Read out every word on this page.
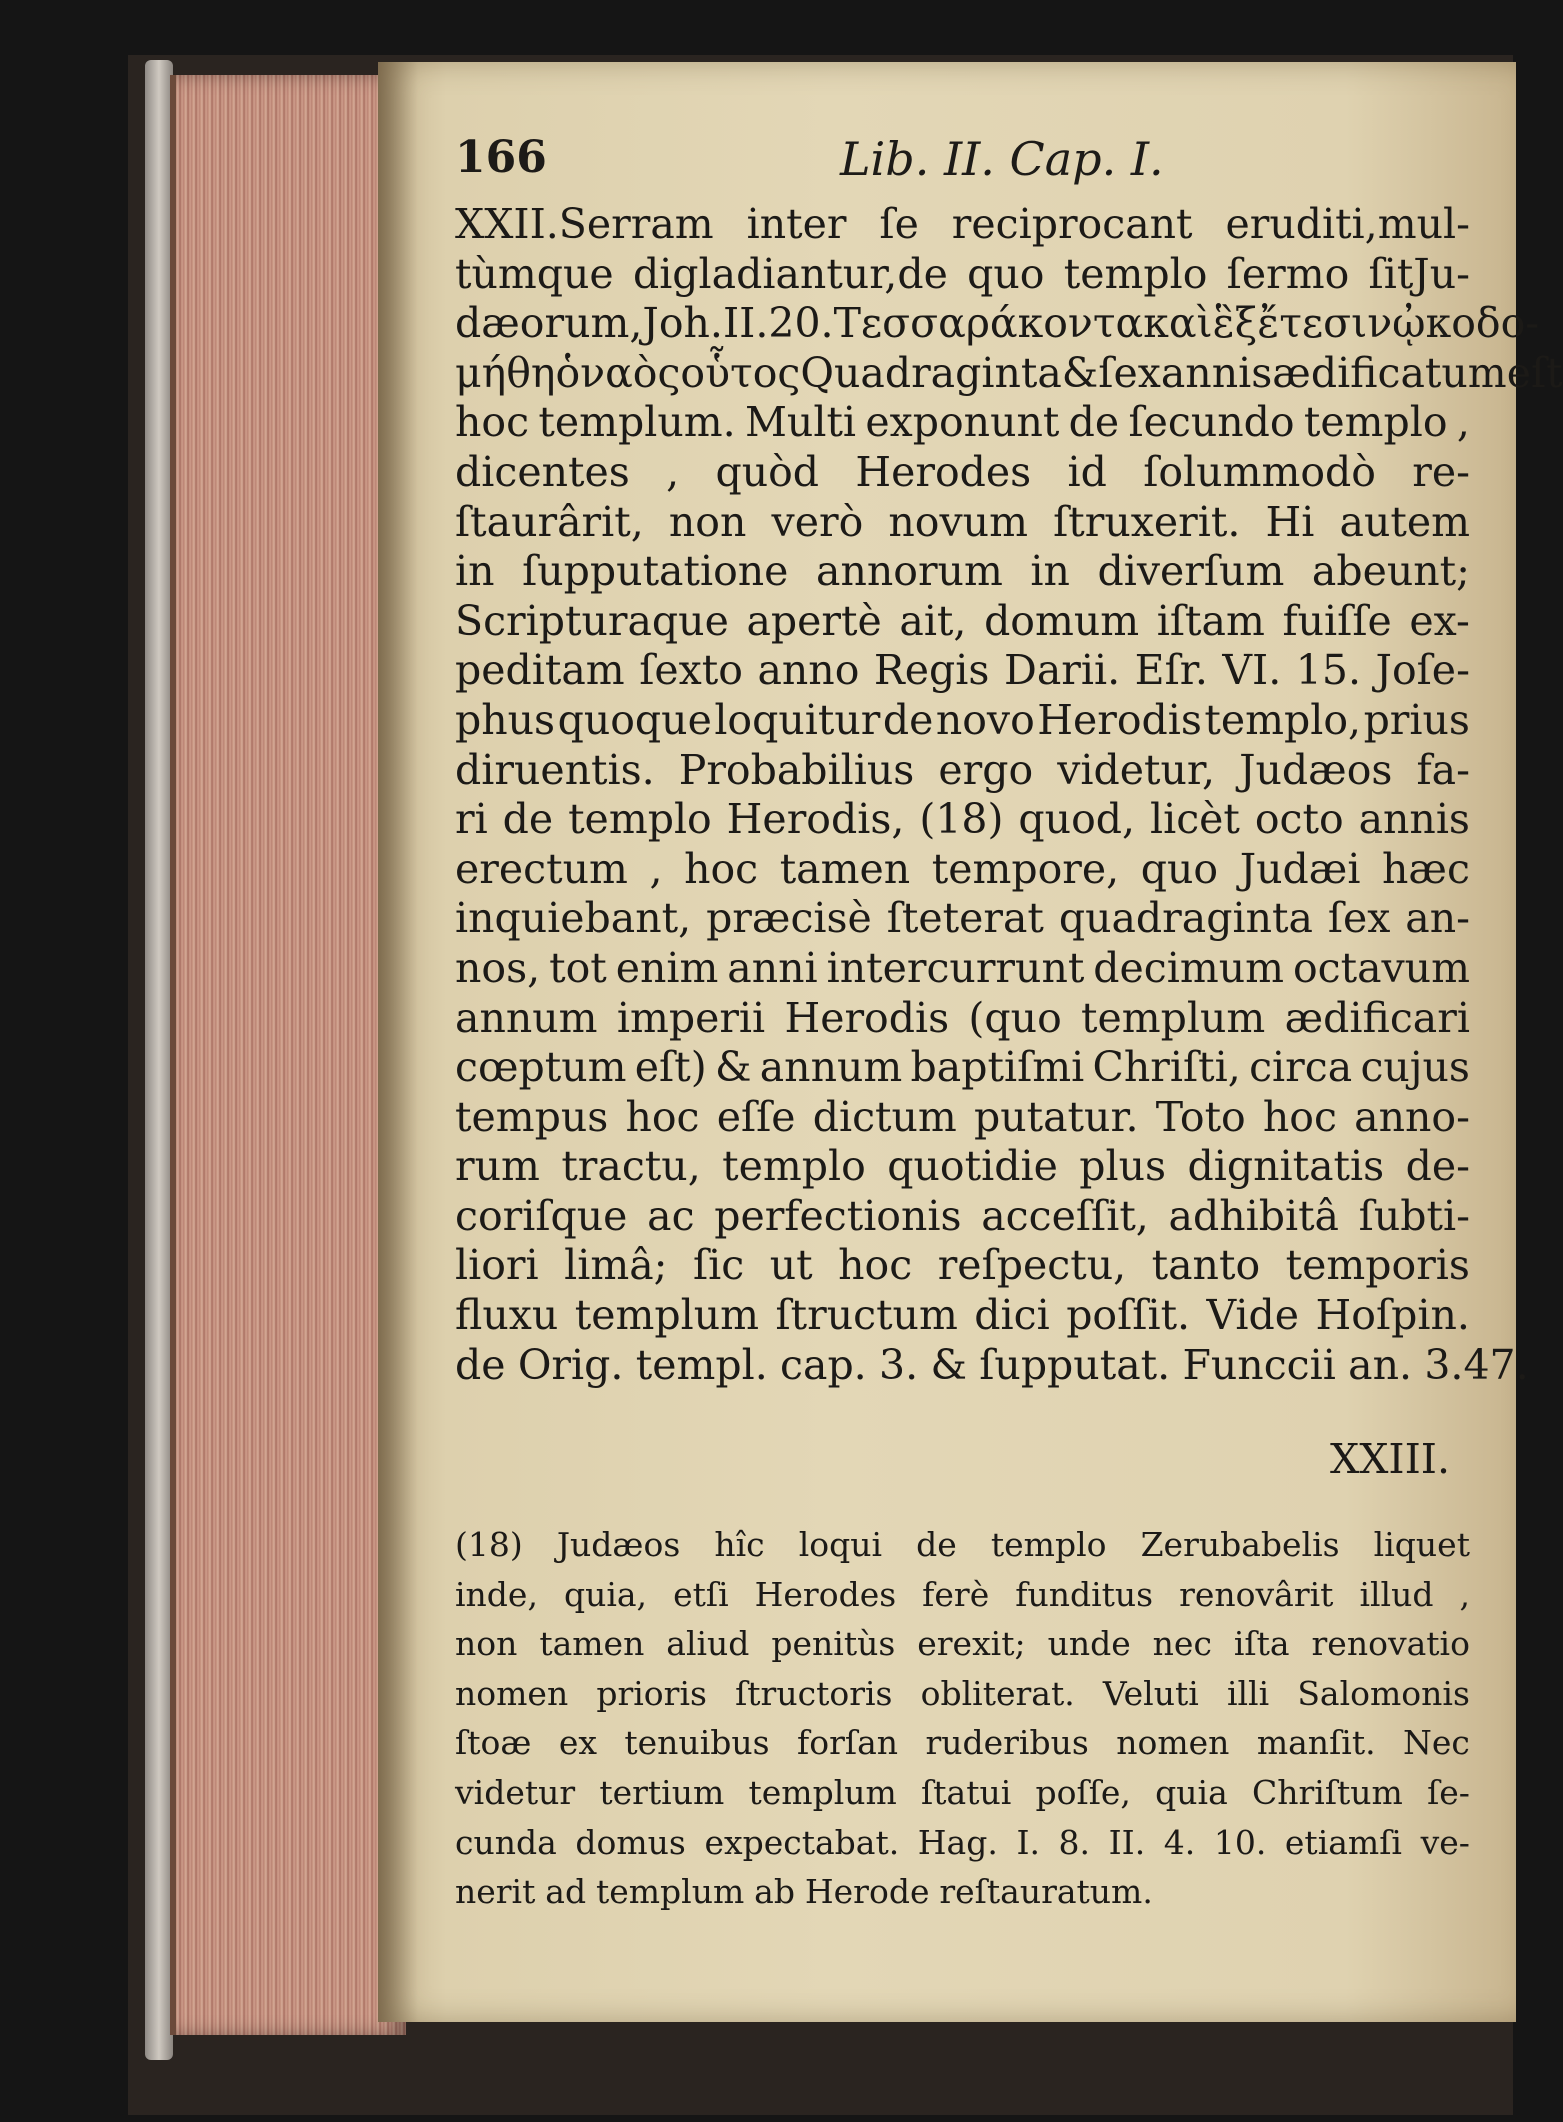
166	Lib. II. Cap. I.
XXII.Serram inter ſe reciprocant eruditi,mul-
tùmque digladiantur,de quo templo ſermo ſitJu-
dæorum, Joh.II.20. Τεσσαράκοντα καὶ ἓξ ἔτεσιν ᾠκοδο-
μήθη ὁ ναὸς οὗτος Quadraginta & ſex annis ædificatum eſt
hoc templum. Multi exponunt de ſecundo templo ,
dicentes , quòd Herodes id ſolummodò re-
ſtaurârit, non verò novum ſtruxerit. Hi autem
in ſupputatione annorum in diverſum abeunt;
Scripturaque apertè ait, domum iſtam fuiſſe ex-
peditam ſexto anno Regis Darii. Eſr. VI. 15. Joſe-
phus quoque loquitur de novo Herodis templo, prius
diruentis. Probabilius ergo videtur, Judæos fa-
ri de templo Herodis, (18) quod, licèt octo annis
erectum , hoc tamen tempore, quo Judæi hæc
inquiebant, præcisè ſteterat quadraginta ſex an-
nos, tot enim anni intercurrunt decimum octavum
annum imperii Herodis (quo templum ædificari
cœptum eſt) & annum baptiſmi Chriſti, circa cujus
tempus hoc eſſe dictum putatur. Toto hoc anno-
rum tractu, templo quotidie plus dignitatis de-
coriſque ac perfectionis acceſſit, adhibitâ ſubti-
liori limâ; ſic ut hoc reſpectu, tanto temporis
fluxu templum ſtructum dici poſſit. Vide Hoſpin.
de Orig. templ. cap. 3. & ſupputat. Funccii an. 3.47.
XXIII.
(18) Judæos hîc loqui de templo Zerubabelis liquet
inde, quia, etſi Herodes ferè funditus renovârit illud ,
non tamen aliud penitùs erexit; unde nec iſta renovatio
nomen prioris ſtructoris obliterat. Veluti illi Salomonis
ſtoæ ex tenuibus forſan ruderibus nomen manſit. Nec
videtur tertium templum ſtatui poſſe, quia Chriſtum ſe-
cunda domus expectabat. Hag. I. 8. II. 4. 10. etiamſi ve-
nerit ad templum ab Herode reſtauratum.
